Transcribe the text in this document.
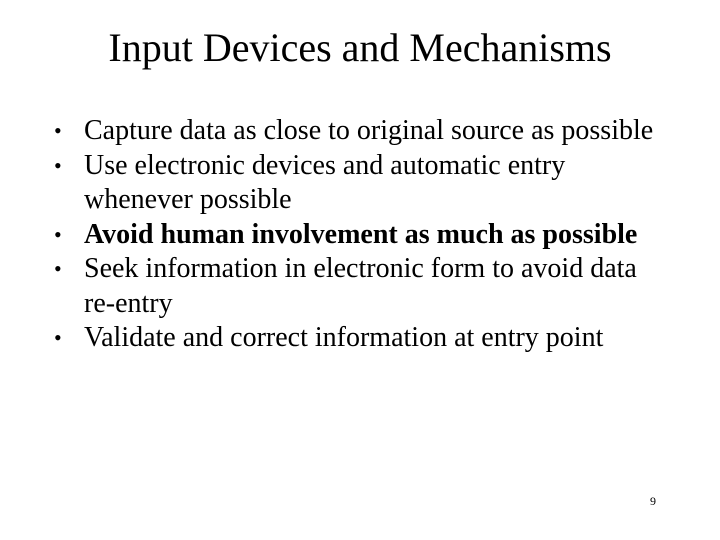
Input Devices and Mechanisms
• Capture data as close to original source as possible
• Use electronic devices and automatic entry whenever possible
• Avoid human involvement as much as possible
• Seek information in electronic form to avoid data re-entry
• Validate and correct information at entry point
9
